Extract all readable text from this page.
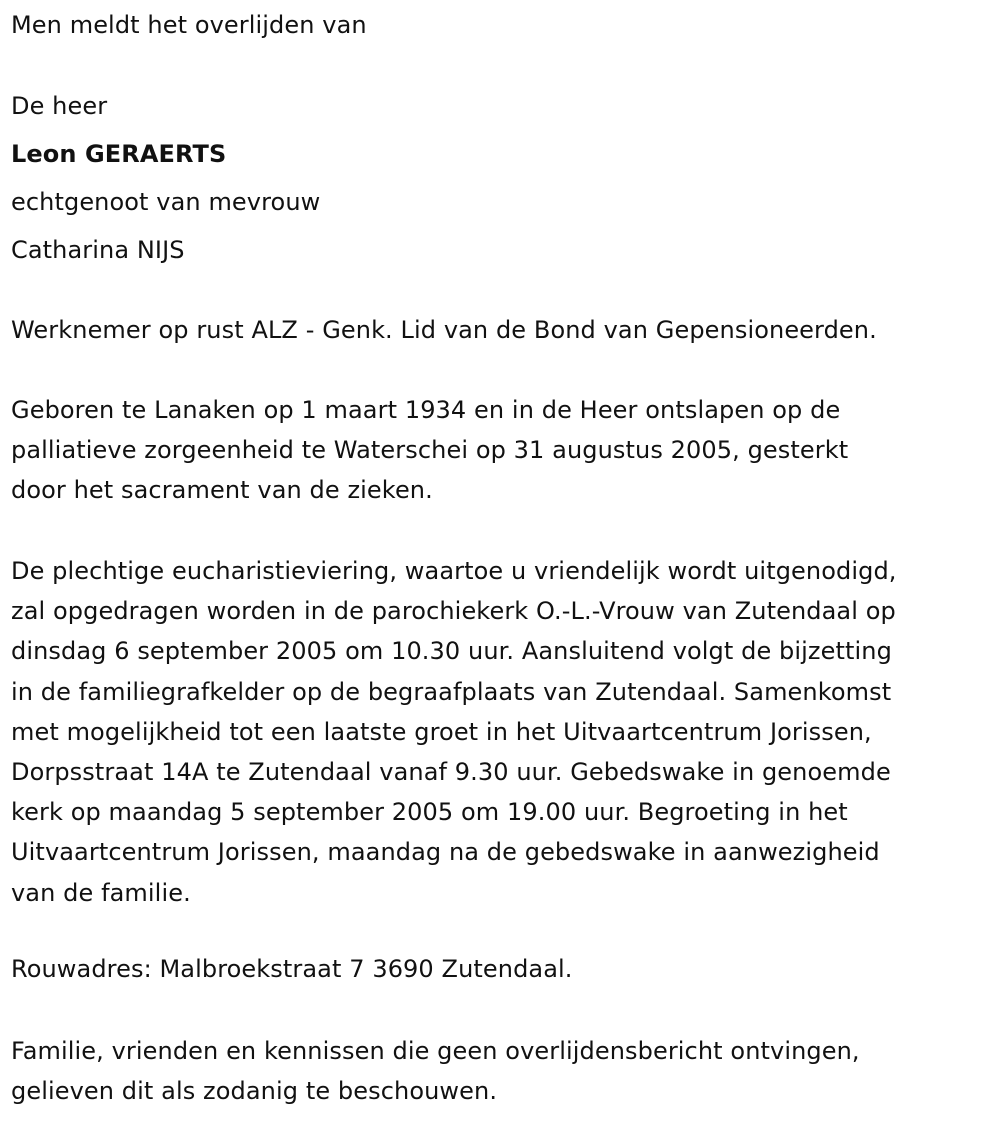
Men meldt het overlijden van
De heer
Leon GERAERTS
echtgenoot van mevrouw
Catharina NIJS
Werknemer op rust ALZ - Genk. Lid van de Bond van Gepensioneerden.
Geboren te Lanaken op 1 maart 1934 en in de Heer ontslapen op de
palliatieve zorgeenheid te Waterschei op 31 augustus 2005, gesterkt
door het sacrament van de zieken.
De plechtige eucharistieviering, waartoe u vriendelijk wordt uitgenodigd,
zal opgedragen worden in de parochiekerk O.-L.-Vrouw van Zutendaal op
dinsdag 6 september 2005 om 10.30 uur. Aansluitend volgt de bijzetting
in de familiegrafkelder op de begraafplaats van Zutendaal. Samenkomst
met mogelijkheid tot een laatste groet in het Uitvaartcentrum Jorissen,
Dorpsstraat 14A te Zutendaal vanaf 9.30 uur. Gebedswake in genoemde
kerk op maandag 5 september 2005 om 19.00 uur. Begroeting in het
Uitvaartcentrum Jorissen, maandag na de gebedswake in aanwezigheid
van de familie.
Rouwadres: Malbroekstraat 7 3690 Zutendaal.
Familie, vrienden en kennissen die geen overlijdensbericht ontvingen,
gelieven dit als zodanig te beschouwen.
